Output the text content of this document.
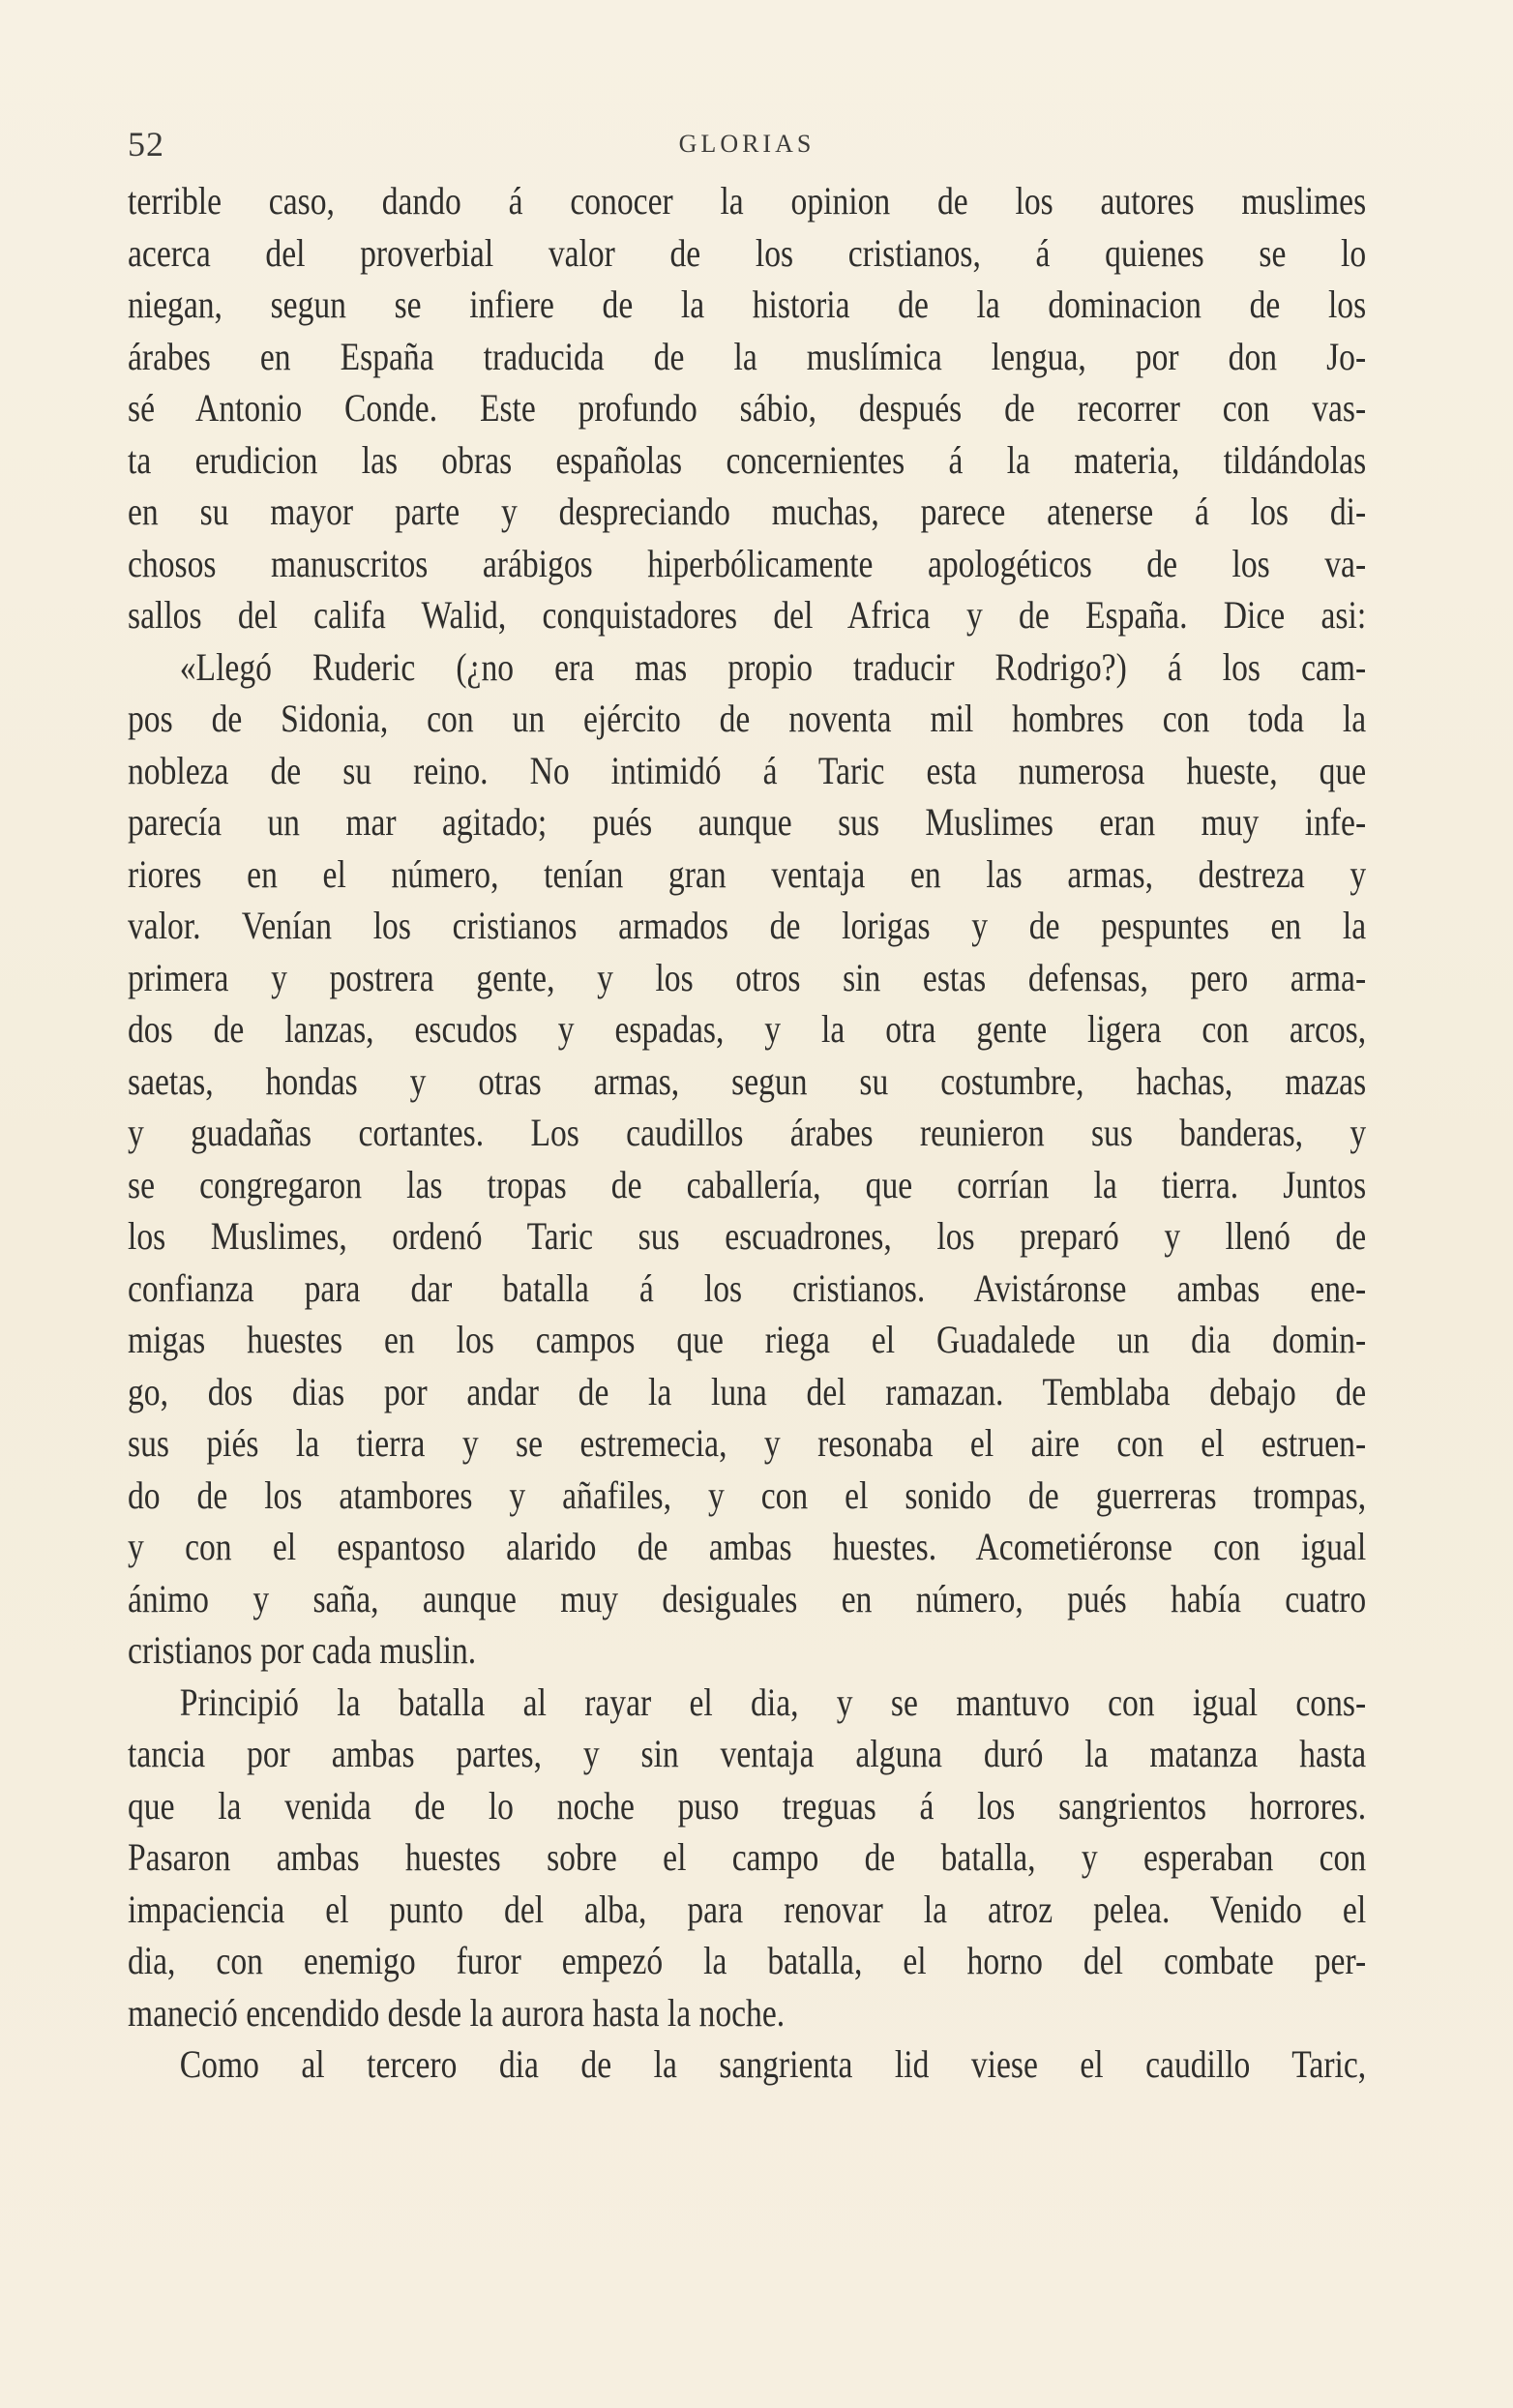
52	GLORIAS
terrible caso, dando á conocer la opinion de los autores muslimes
acerca del proverbial valor de los cristianos, á quienes se lo
niegan, segun se infiere de la historia de la dominacion de los
árabes en España traducida de la muslímica lengua, por don Jo-
sé Antonio Conde. Este profundo sábio, después de recorrer con vas-
ta erudicion las obras españolas concernientes á la materia, tildándolas
en su mayor parte y despreciando muchas, parece atenerse á los di-
chosos manuscritos arábigos hiperbólicamente apologéticos de los va-
sallos del califa Walid, conquistadores del Africa y de España. Dice asi:
«Llegó Ruderic (¿no era mas propio traducir Rodrigo?) á los cam-
pos de Sidonia, con un ejército de noventa mil hombres con toda la
nobleza de su reino. No intimidó á Taric esta numerosa hueste, que
parecía un mar agitado; pués aunque sus Muslimes eran muy infe-
riores en el número, tenían gran ventaja en las armas, destreza y
valor. Venían los cristianos armados de lorigas y de pespuntes en la
primera y postrera gente, y los otros sin estas defensas, pero arma-
dos de lanzas, escudos y espadas, y la otra gente ligera con arcos,
saetas, hondas y otras armas, segun su costumbre, hachas, mazas
y guadañas cortantes. Los caudillos árabes reunieron sus banderas, y
se congregaron las tropas de caballería, que corrían la tierra. Juntos
los Muslimes, ordenó Taric sus escuadrones, los preparó y llenó de
confianza para dar batalla á los cristianos. Avistáronse ambas ene-
migas huestes en los campos que riega el Guadalede un dia domin-
go, dos dias por andar de la luna del ramazan. Temblaba debajo de
sus piés la tierra y se estremecia, y resonaba el aire con el estruen-
do de los atambores y añafiles, y con el sonido de guerreras trompas,
y con el espantoso alarido de ambas huestes. Acometiéronse con igual
ánimo y saña, aunque muy desiguales en número, pués había cuatro
cristianos por cada muslin.
Principió la batalla al rayar el dia, y se mantuvo con igual cons-
tancia por ambas partes, y sin ventaja alguna duró la matanza hasta
que la venida de lo noche puso treguas á los sangrientos horrores.
Pasaron ambas huestes sobre el campo de batalla, y esperaban con
impaciencia el punto del alba, para renovar la atroz pelea. Venido el
dia, con enemigo furor empezó la batalla, el horno del combate per-
maneció encendido desde la aurora hasta la noche.
Como al tercero dia de la sangrienta lid viese el caudillo Taric,
